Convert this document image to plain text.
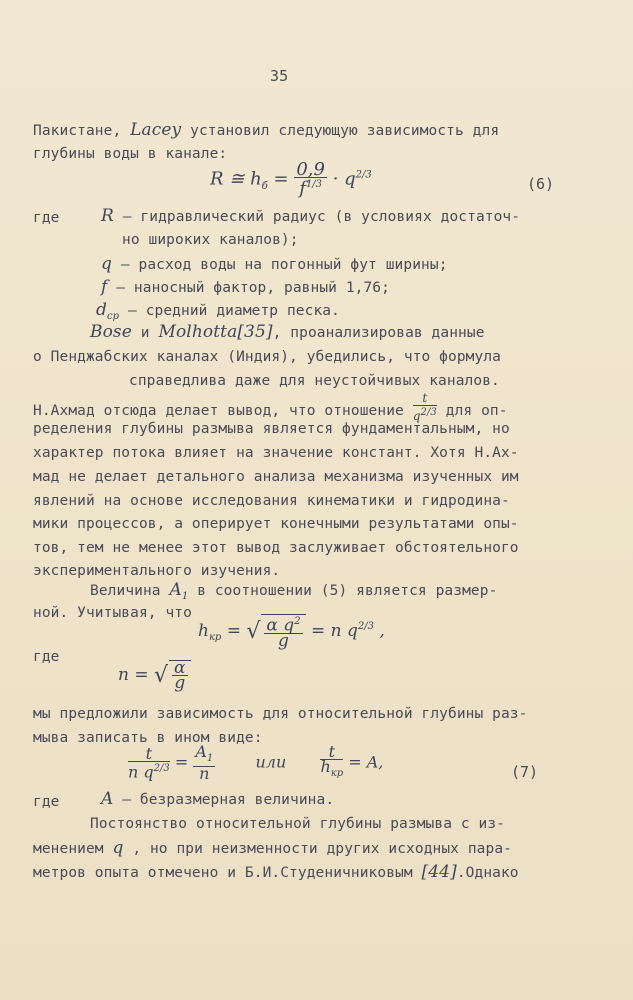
35
Пакистане, Lacey установил следующую зависимость для
глубины воды в канале:
R ≅ $h_б = \frac{0,9}{f^{1/3}} \cdot q^{2/3}$	(6)
где R – гидравлический радиус (в условиях достаточ-
но широких каналов);
q – расход воды на погонный фут ширины;
f – наносный фактор, равный 1,76;
$d_{ср}$ – средний диаметр песка.
Bose и Molhotta[35], проанализировав данные
о Пенджабских каналах (Индия), убедились, что формула
справедлива даже для неустойчивых каналов.
Н.Ахмад отсюда делает вывод, что отношение $\frac{t}{q^{2/3}}$ для оп-
ределения глубины размыва является фундаментальным, но
характер потока влияет на значение констант. Хотя Н.Ах-
мад не делает детального анализа механизма изученных им
явлений на основе исследования кинематики и гидродина-
мики процессов, а оперирует конечными результатами опы-
тов, тем не менее этот вывод заслуживает обстоятельного
экспериментального изучения.
Величина $A_1$ в соотношении (5) является размер-
ной. Учитывая, что
$h_{кр}$ = √ $\frac{\alpha q^2}{g} = n$ $q^{2/3}$ ,
где
n = √ $\frac{\alpha}{g}$
мы предложили зависимость для относительной глубины раз-
мыва записать в ином виде:
$\frac{t}{n q^{2/3}} = \frac{A_1}{n}$	или $\frac{t}{h_{кр}} = A$,
(7)
где A – безразмерная величина.
Постоянство относительной глубины размыва с из-
менением q , но при неизменности других исходных пара-
метров опыта отмечено и Б.И.Студеничниковым [44].Однако
